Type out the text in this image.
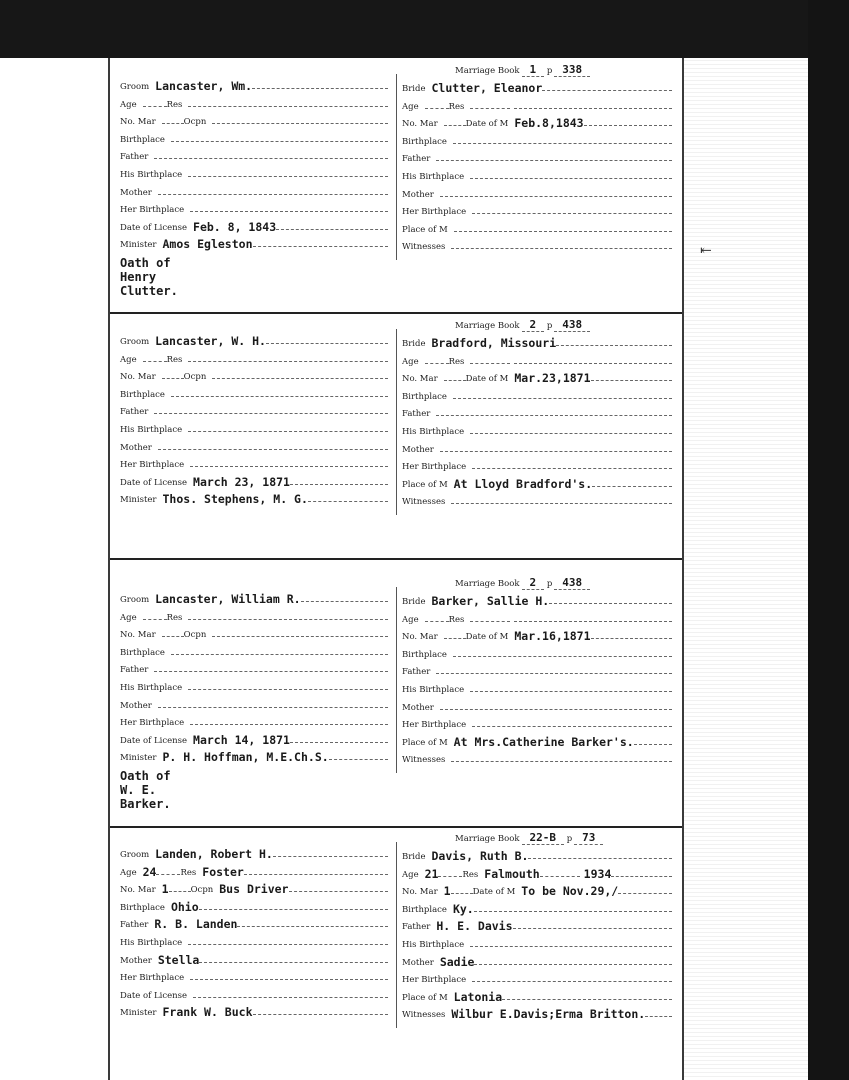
⇤
Marriage Book 1 p 338
Groom Lancaster, Wm.
Age	Res
No. Mar	Ocpn
Birthplace
Father
His Birthplace
Mother
Her Birthplace
Date of License Feb. 8, 1843
Minister Amos Egleston
Bride Clutter, Eleanor
Age	Res
No. Mar	Date of M Feb.8,1843
Birthplace
Father
His Birthplace
Mother
Her Birthplace
Place of M
Witnesses
Oath of Henry Clutter.
Marriage Book 2 p 438
Groom Lancaster, W. H.
Age	Res
No. Mar	Ocpn
Birthplace
Father
His Birthplace
Mother
Her Birthplace
Date of License March 23, 1871
Minister Thos. Stephens, M. G.
Bride Bradford, Missouri
Age	Res
No. Mar	Date of M Mar.23,1871
Birthplace
Father
His Birthplace
Mother
Her Birthplace
Place of M At Lloyd Bradford's.
Witnesses
Marriage Book 2 p 438
Groom Lancaster, William R.
Age	Res
No. Mar	Ocpn
Birthplace
Father
His Birthplace
Mother
Her Birthplace
Date of License March 14, 1871
Minister P. H. Hoffman, M.E.Ch.S.
Bride Barker, Sallie H.
Age	Res
No. Mar	Date of M Mar.16,1871
Birthplace
Father
His Birthplace
Mother
Her Birthplace
Place of M At Mrs.Catherine Barker's.
Witnesses
Oath of W. E. Barker.
Marriage Book 22-B p 73
Groom Landen, Robert H.
Age 24	Res Foster
No. Mar 1	Ocpn Bus Driver
Birthplace Ohio
Father R. B. Landen
His Birthplace
Mother Stella
Her Birthplace
Date of License
Minister Frank W. Buck
Bride Davis, Ruth B.
Age 21	Res Falmouth	1934
No. Mar 1	Date of M To be Nov.29,/
Birthplace Ky.
Father H. E. Davis
His Birthplace
Mother Sadie
Her Birthplace
Place of M Latonia
Witnesses Wilbur E.Davis;Erma Britton.
